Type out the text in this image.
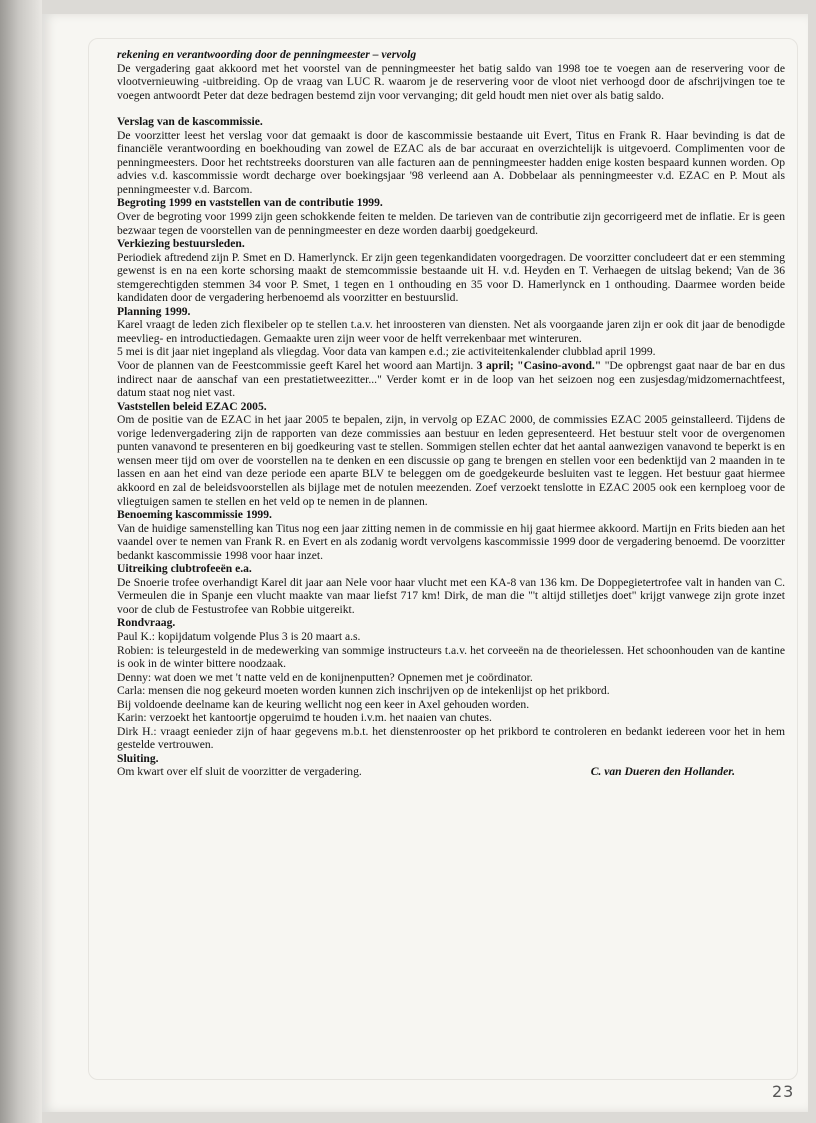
rekening en verantwoording door de penningmeester – vervolg

De vergadering gaat akkoord met het voorstel van de penningmeester het batig saldo van 1998 toe te voegen aan de reservering voor de vlootvernieuwing -uitbreiding. Op de vraag van LUC R. waarom je de reservering voor de vloot niet verhoogd door de afschrijvingen toe te voegen antwoordt Peter dat deze bedragen bestemd zijn voor vervanging; dit geld houdt men niet over als batig saldo.

Verslag van de kascommissie.

De voorzitter leest het verslag voor dat gemaakt is door de kascommissie bestaande uit Evert, Titus en Frank R. Haar bevinding is dat de financiële verantwoording en boekhouding van zowel de EZAC als de bar accuraat en overzichtelijk is uitgevoerd. Complimenten voor de penningmeesters. Door het rechtstreeks doorsturen van alle facturen aan de penningmeester hadden enige kosten bespaard kunnen worden. Op advies v.d. kascommissie wordt decharge over boekingsjaar '98 verleend aan A. Dobbelaar als penningmeester v.d. EZAC en P. Mout als penningmeester v.d. Barcom.

Begroting 1999 en vaststellen van de contributie 1999.

Over de begroting voor 1999 zijn geen schokkende feiten te melden. De tarieven van de contributie zijn gecorrigeerd met de inflatie. Er is geen bezwaar tegen de voorstellen van de penningmeester en deze worden daarbij goedgekeurd.

Verkiezing bestuursleden.

Periodiek aftredend zijn P. Smet en D. Hamerlynck. Er zijn geen tegenkandidaten voorgedragen. De voorzitter concludeert dat er een stemming gewenst is en na een korte schorsing maakt de stemcommissie bestaande uit H. v.d. Heyden en T. Verhaegen de uitslag bekend; Van de 36 stemgerechtigden stemmen 34 voor P. Smet, 1 tegen en 1 onthouding en 35 voor D. Hamerlynck en 1 onthouding. Daarmee worden beide kandidaten door de vergadering herbenoemd als voorzitter en bestuurslid.

Planning 1999.

Karel vraagt de leden zich flexibeler op te stellen t.a.v. het inroosteren van diensten. Net als voorgaande jaren zijn er ook dit jaar de benodigde meevlieg- en introductiedagen. Gemaakte uren zijn weer voor de helft verrekenbaar met winteruren.

5 mei is dit jaar niet ingepland als vliegdag. Voor data van kampen e.d.; zie activiteitenkalender clubblad april 1999.

Voor de plannen van de Feestcommissie geeft Karel het woord aan Martijn. 3 april; "Casino-avond." "De opbrengst gaat naar de bar en dus indirect naar de aanschaf van een prestatietweezitter..." Verder komt er in de loop van het seizoen nog een zusjesdag/midzomernachtfeest, datum staat nog niet vast.

Vaststellen beleid EZAC 2005.

Om de positie van de EZAC in het jaar 2005 te bepalen, zijn, in vervolg op EZAC 2000, de commissies EZAC 2005 geinstalleerd. Tijdens de vorige ledenvergadering zijn de rapporten van deze commissies aan bestuur en leden gepresenteerd. Het bestuur stelt voor de overgenomen punten vanavond te presenteren en bij goedkeuring vast te stellen. Sommigen stellen echter dat het aantal aanwezigen vanavond te beperkt is en wensen meer tijd om over de voorstellen na te denken en een discussie op gang te brengen en stellen voor een bedenktijd van 2 maanden in te lassen en aan het eind van deze periode een aparte BLV te beleggen om de goedgekeurde besluiten vast te leggen. Het bestuur gaat hiermee akkoord en zal de beleidsvoorstellen als bijlage met de notulen meezenden. Zoef verzoekt tenslotte in EZAC 2005 ook een kernploeg voor de vliegtuigen samen te stellen en het veld op te nemen in de plannen.

Benoeming kascommissie 1999.

Van de huidige samenstelling kan Titus nog een jaar zitting nemen in de commissie en hij gaat hiermee akkoord. Martijn en Frits bieden aan het vaandel over te nemen van Frank R. en Evert en als zodanig wordt vervolgens kascommissie 1999 door de vergadering benoemd. De voorzitter bedankt kascommissie 1998 voor haar inzet.

Uitreiking clubtrofeeën e.a.

De Snoerie trofee overhandigt Karel dit jaar aan Nele voor haar vlucht met een KA-8 van 136 km. De Doppegietertrofee valt in handen van C. Vermeulen die in Spanje een vlucht maakte van maar liefst 717 km! Dirk, de man die "'t altijd stilletjes doet" krijgt vanwege zijn grote inzet voor de club de Festustrofee van Robbie uitgereikt.

Rondvraag.

Paul K.: kopijdatum volgende Plus 3 is 20 maart a.s.

Robien: is teleurgesteld in de medewerking van sommige instructeurs t.a.v. het corveeën na de theorielessen. Het schoonhouden van de kantine is ook in de winter bittere noodzaak.

Denny: wat doen we met 't natte veld en de konijnenputten? Opnemen met je coördinator.

Carla: mensen die nog gekeurd moeten worden kunnen zich inschrijven op de intekenlijst op het prikbord.

Bij voldoende deelname kan de keuring wellicht nog een keer in Axel gehouden worden.

Karin: verzoekt het kantoortje opgeruimd te houden i.v.m. het naaien van chutes.

Dirk H.: vraagt eenieder zijn of haar gegevens m.b.t. het dienstenrooster op het prikbord te controleren en bedankt iedereen voor het in hem gestelde vertrouwen.

Sluiting.

Om kwart over elf sluit de voorzitter de vergadering.	C. van Dueren den Hollander.
23
